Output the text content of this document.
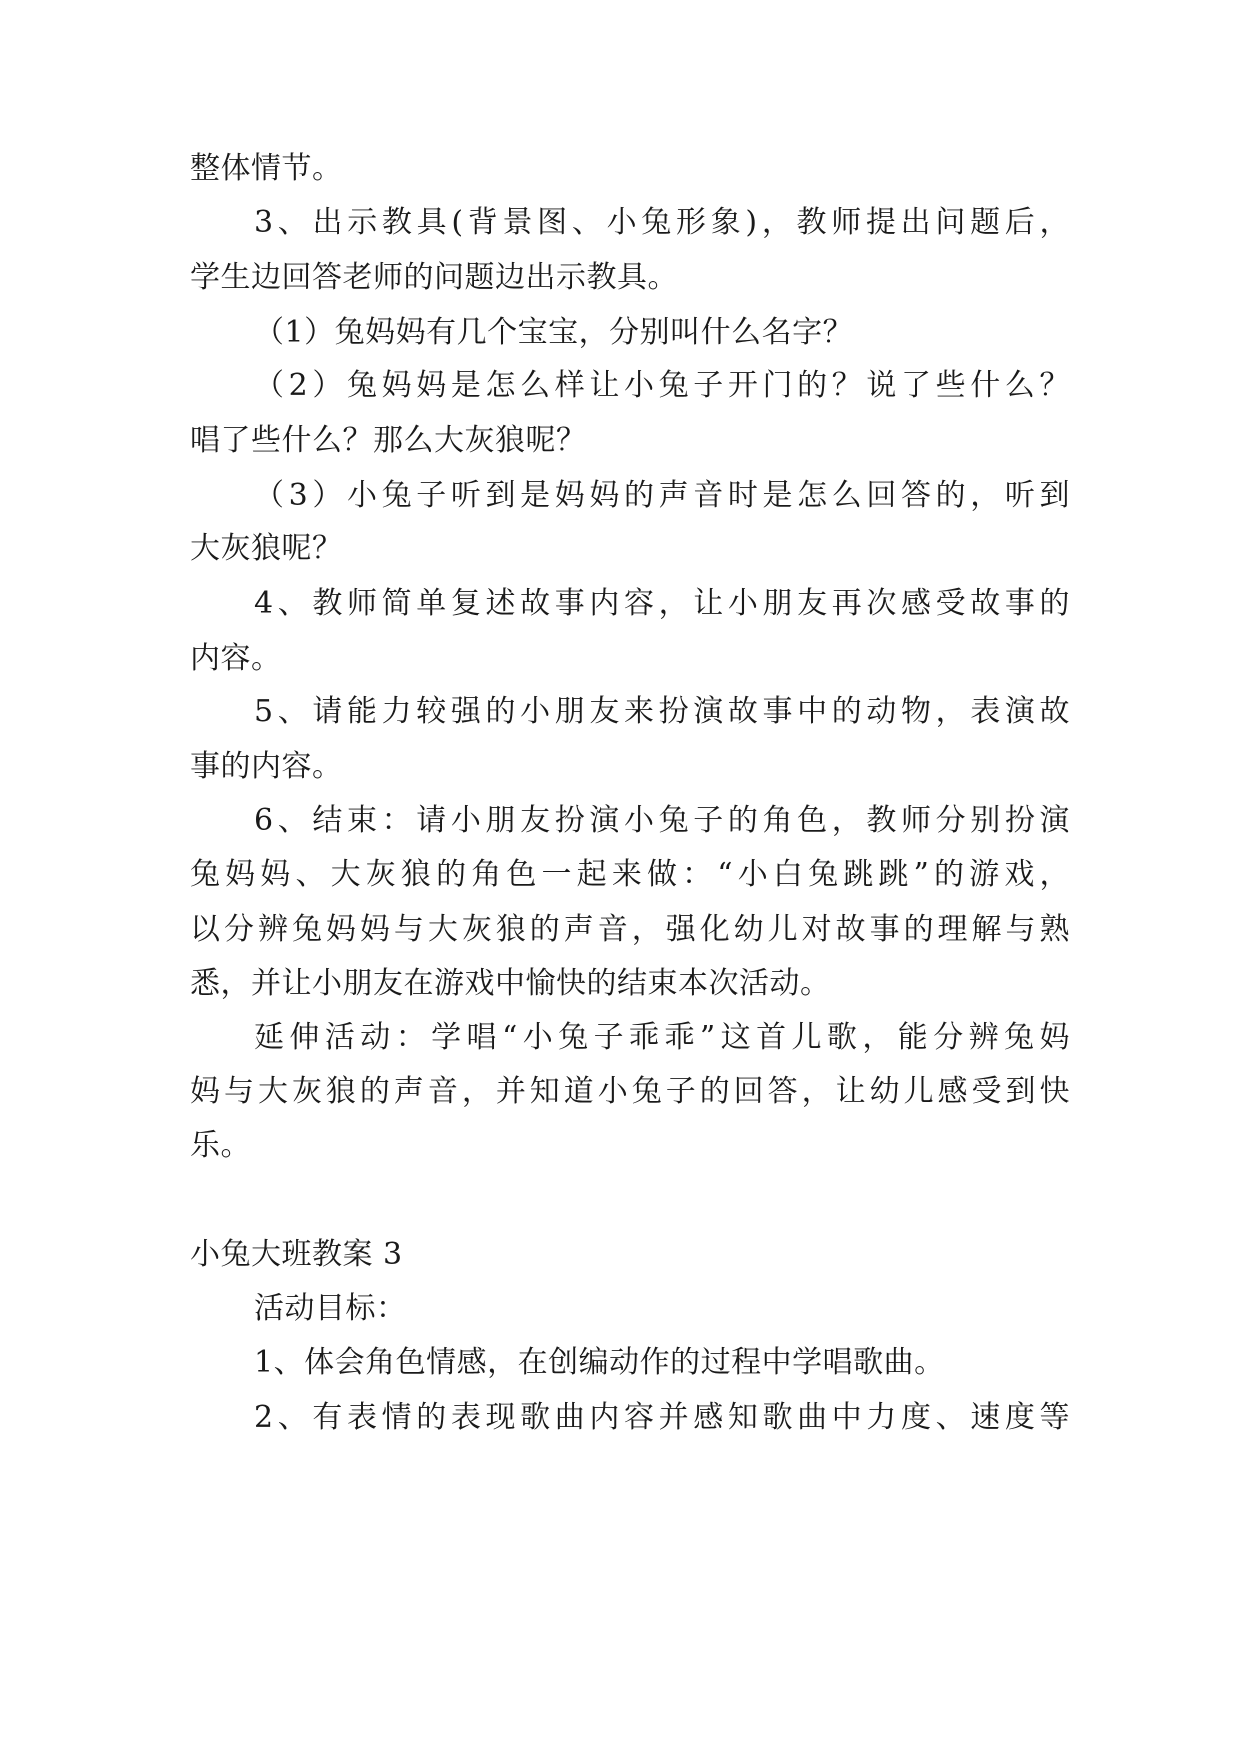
整体情节。
3、出示教具(背景图、小兔形象)，教师提出问题后，
学生边回答老师的问题边出示教具。
（1）兔妈妈有几个宝宝，分别叫什么名字？
（2）兔妈妈是怎么样让小兔子开门的？说了些什么？
唱了些什么？那么大灰狼呢？
（3）小兔子听到是妈妈的声音时是怎么回答的，听到
大灰狼呢？
4、教师简单复述故事内容，让小朋友再次感受故事的
内容。
5、请能力较强的小朋友来扮演故事中的动物，表演故
事的内容。
6、结束：请小朋友扮演小兔子的角色，教师分别扮演
兔妈妈、大灰狼的角色一起来做：“小白兔跳跳”的游戏，
以分辨兔妈妈与大灰狼的声音，强化幼儿对故事的理解与熟
悉，并让小朋友在游戏中愉快的结束本次活动。
延伸活动：学唱“小兔子乖乖”这首儿歌，能分辨兔妈
妈与大灰狼的声音，并知道小兔子的回答，让幼儿感受到快
乐。
小兔大班教案 3
活动目标：
1、体会角色情感，在创编动作的过程中学唱歌曲。
2、有表情的表现歌曲内容并感知歌曲中力度、速度等
